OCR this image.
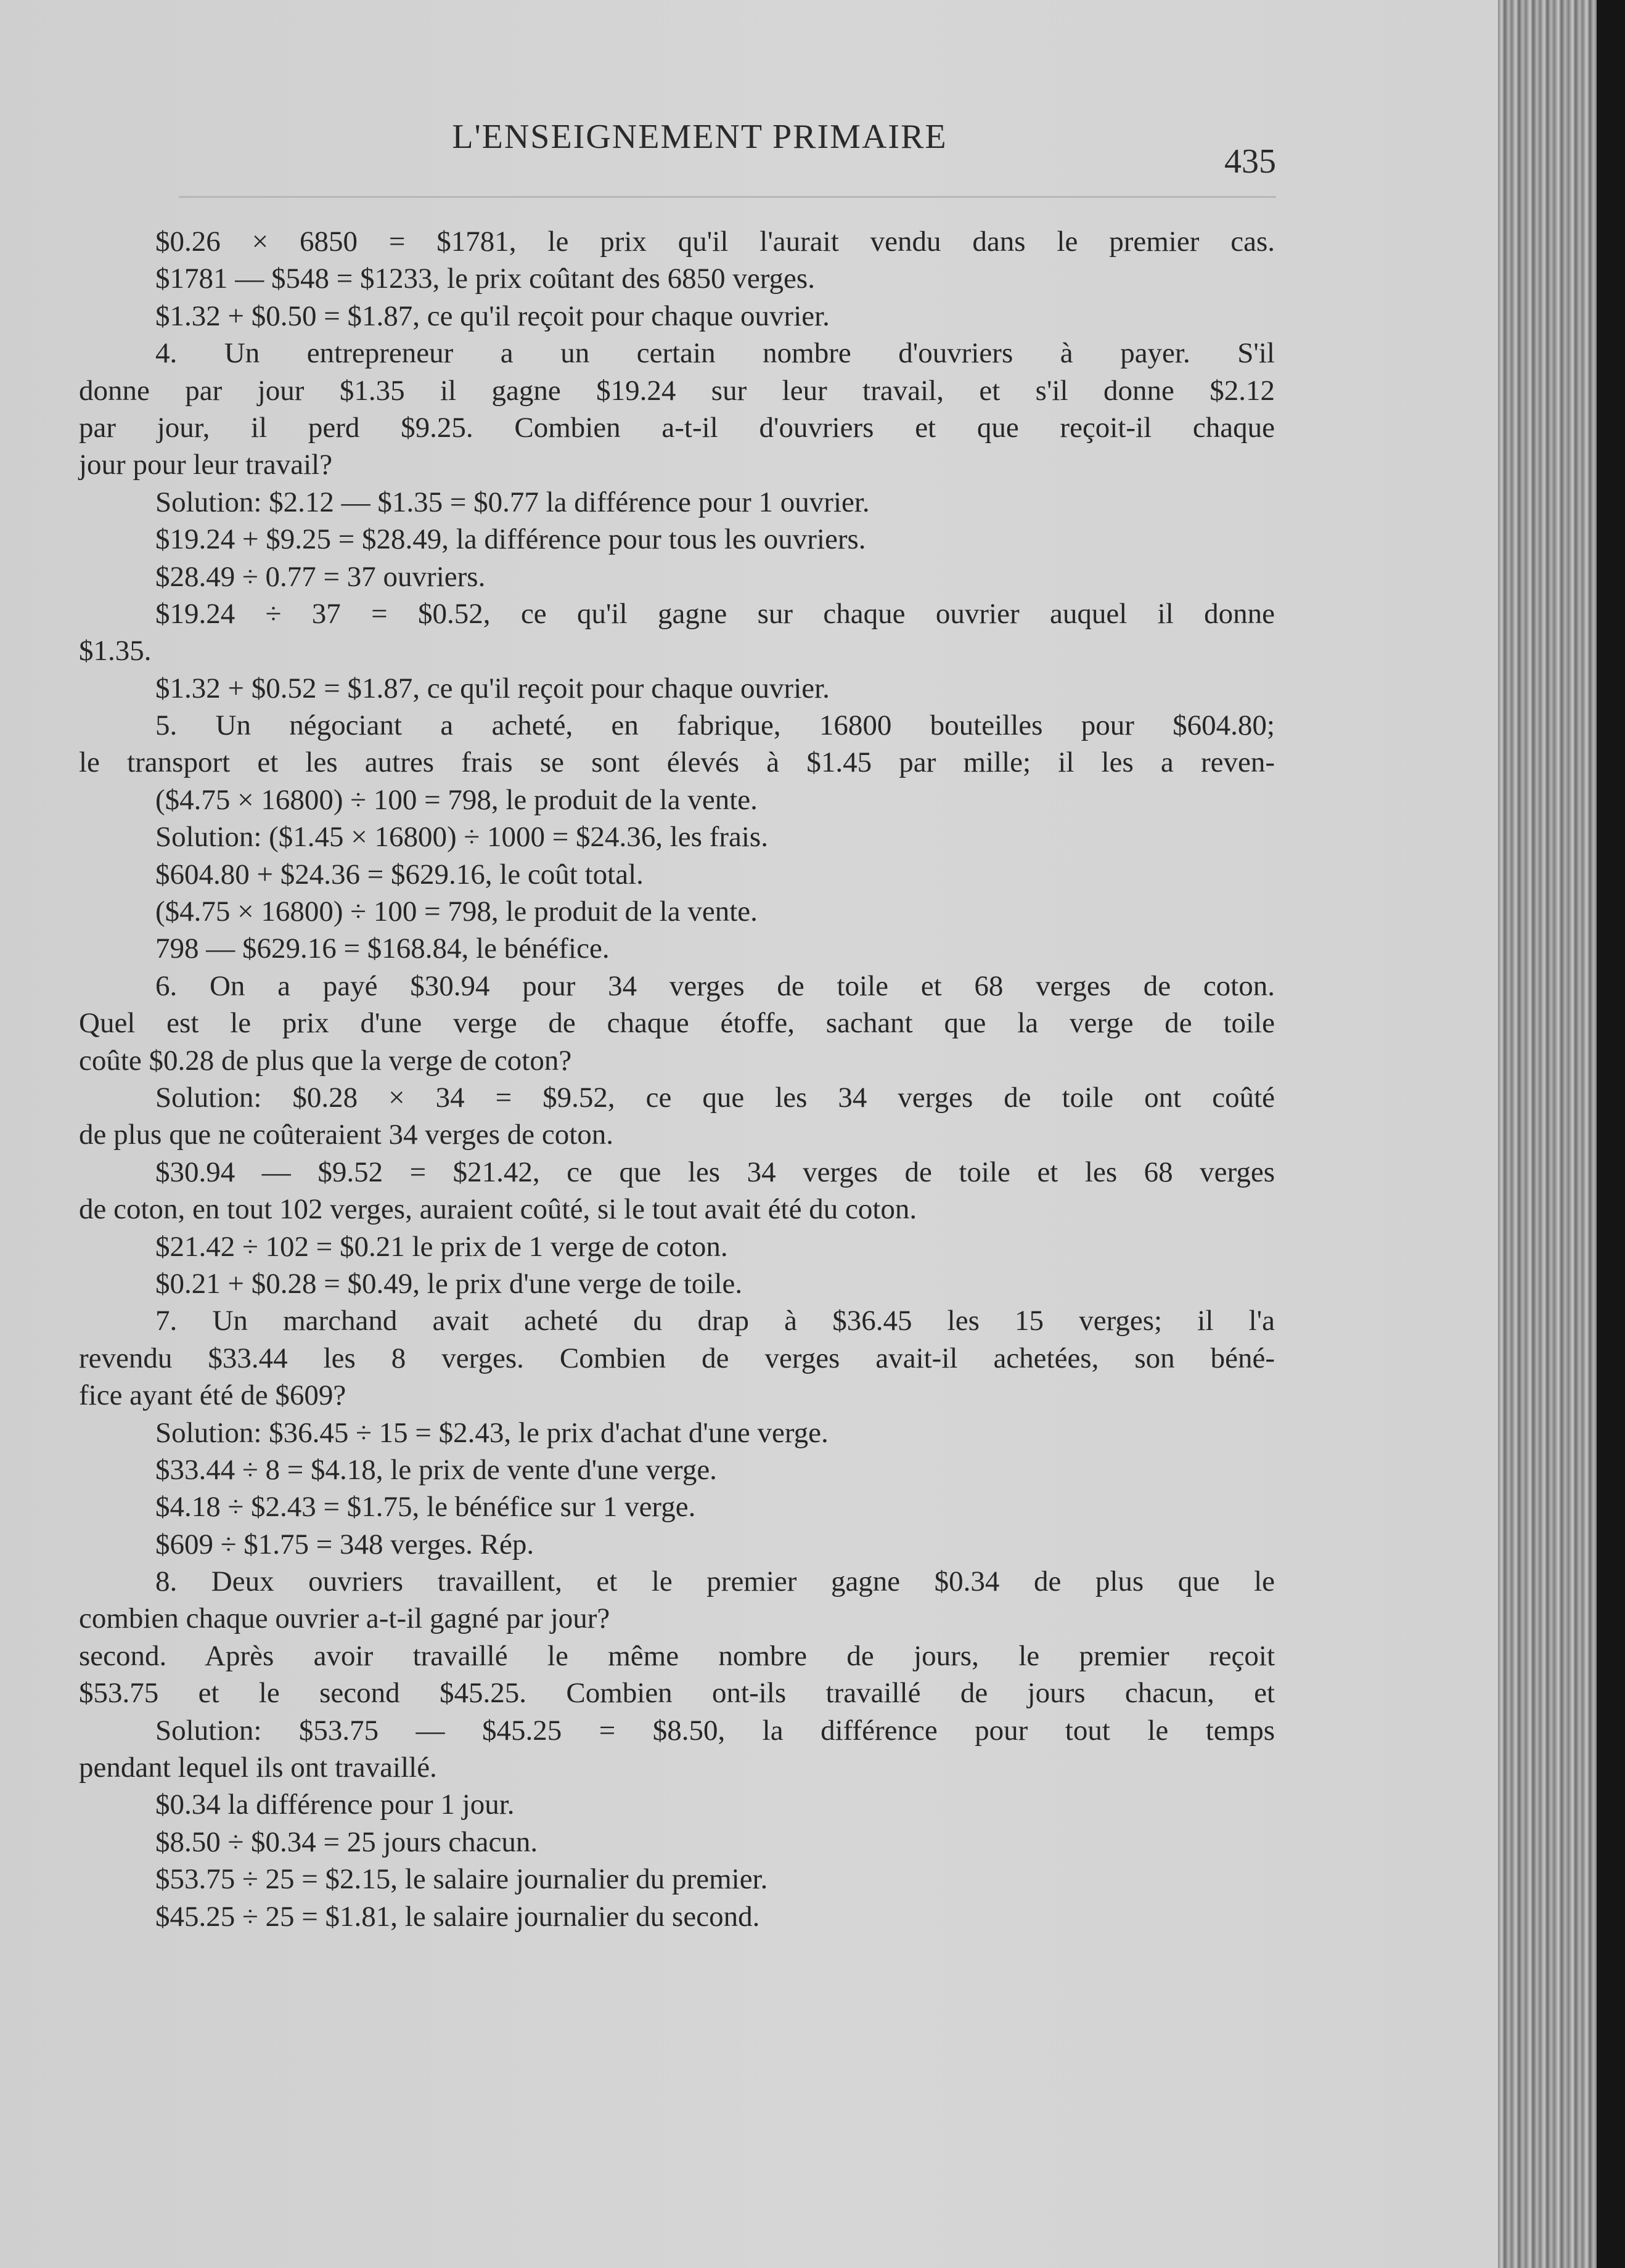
L'ENSEIGNEMENT PRIMAIRE
435
$0.26 × 6850 = $1781, le prix qu'il l'aurait vendu dans le premier cas.
$1781 — $548 = $1233, le prix coûtant des 6850 verges.
$1.32 + $0.50 = $1.87, ce qu'il reçoit pour chaque ouvrier.
4. Un entrepreneur a un certain nombre d'ouvriers à payer. S'il
donne par jour $1.35 il gagne $19.24 sur leur travail, et s'il donne $2.12
par jour, il perd $9.25. Combien a-t-il d'ouvriers et que reçoit-il chaque
jour pour leur travail?
Solution: $2.12 — $1.35 = $0.77 la différence pour 1 ouvrier.
$19.24 + $9.25 = $28.49, la différence pour tous les ouvriers.
$28.49 ÷ 0.77 = 37 ouvriers.
$19.24 ÷ 37 = $0.52, ce qu'il gagne sur chaque ouvrier auquel il donne
$1.35.
$1.32 + $0.52 = $1.87, ce qu'il reçoit pour chaque ouvrier.
5. Un négociant a acheté, en fabrique, 16800 bouteilles pour $604.80;
le transport et les autres frais se sont élevés à $1.45 par mille; il les a reven-
($4.75 × 16800) ÷ 100 = 798, le produit de la vente.
Solution: ($1.45 × 16800) ÷ 1000 = $24.36, les frais.
$604.80 + $24.36 = $629.16, le coût total.
($4.75 × 16800) ÷ 100 = 798, le produit de la vente.
798 — $629.16 = $168.84, le bénéfice.
6. On a payé $30.94 pour 34 verges de toile et 68 verges de coton.
Quel est le prix d'une verge de chaque étoffe, sachant que la verge de toile
coûte $0.28 de plus que la verge de coton?
Solution: $0.28 × 34 = $9.52, ce que les 34 verges de toile ont coûté
de plus que ne coûteraient 34 verges de coton.
$30.94 — $9.52 = $21.42, ce que les 34 verges de toile et les 68 verges
de coton, en tout 102 verges, auraient coûté, si le tout avait été du coton.
$21.42 ÷ 102 = $0.21 le prix de 1 verge de coton.
$0.21 + $0.28 = $0.49, le prix d'une verge de toile.
7. Un marchand avait acheté du drap à $36.45 les 15 verges; il l'a
revendu $33.44 les 8 verges. Combien de verges avait-il achetées, son béné-
fice ayant été de $609?
Solution: $36.45 ÷ 15 = $2.43, le prix d'achat d'une verge.
$33.44 ÷ 8 = $4.18, le prix de vente d'une verge.
$4.18 ÷ $2.43 = $1.75, le bénéfice sur 1 verge.
$609 ÷ $1.75 = 348 verges. Rép.
8. Deux ouvriers travaillent, et le premier gagne $0.34 de plus que le
combien chaque ouvrier a-t-il gagné par jour?
second. Après avoir travaillé le même nombre de jours, le premier reçoit
$53.75 et le second $45.25. Combien ont-ils travaillé de jours chacun, et
Solution: $53.75 — $45.25 = $8.50, la différence pour tout le temps
pendant lequel ils ont travaillé.
$0.34 la différence pour 1 jour.
$8.50 ÷ $0.34 = 25 jours chacun.
$53.75 ÷ 25 = $2.15, le salaire journalier du premier.
$45.25 ÷ 25 = $1.81, le salaire journalier du second.
